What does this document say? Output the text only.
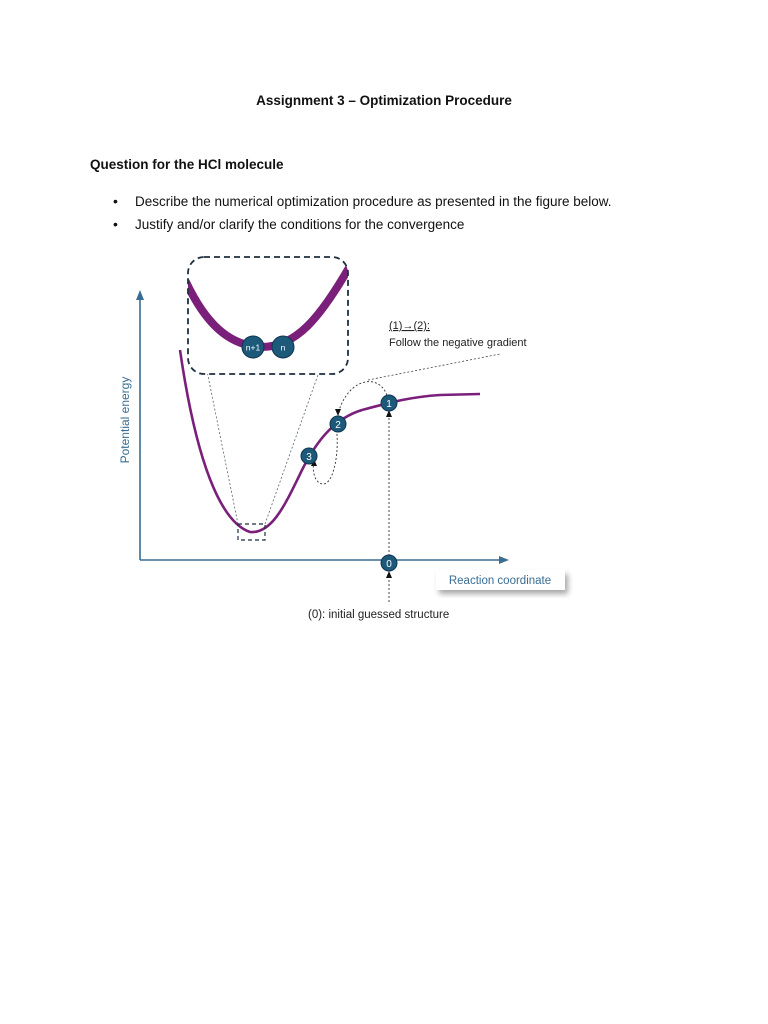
Assignment 3 – Optimization Procedure
Question for the HCl molecule
• Describe the numerical optimization procedure as presented in the figure below.
• Justify and/or clarify the conditions for the convergence
Potential energy
n+1 n
1
2
3
0
(1)→(2):
Follow the negative gradient
Reaction coordinate
(0): initial guessed structure
